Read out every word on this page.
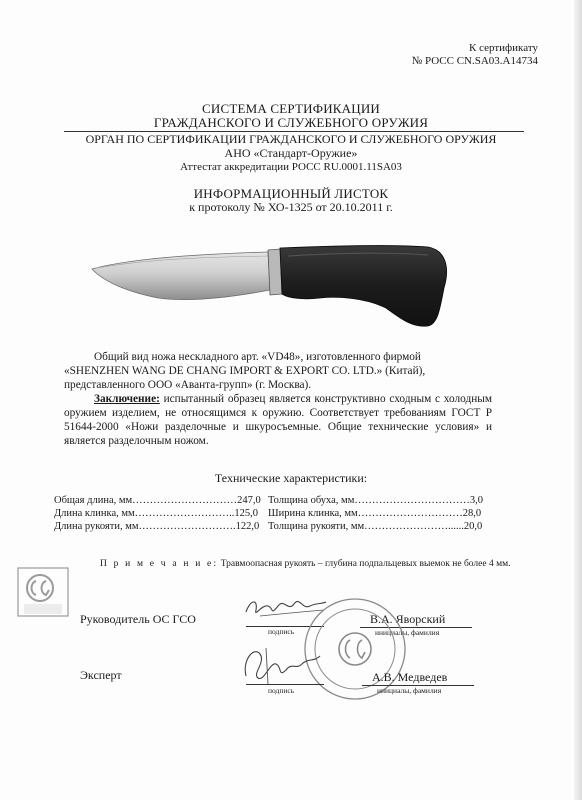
К сертификату
№ РОСС CN.SA03.A14734
СИСТЕМА СЕРТИФИКАЦИИ
ГРАЖДАНСКОГО И СЛУЖЕБНОГО ОРУЖИЯ
ОРГАН ПО СЕРТИФИКАЦИИ ГРАЖДАНСКОГО И СЛУЖЕБНОГО ОРУЖИЯ
АНО «Стандарт-Оружие»
Аттестат аккредитации РОСС RU.0001.11SA03
ИНФОРМАЦИОННЫЙ ЛИСТОК
к протоколу № ХО-1325 от 20.10.2011 г.
Общий вид ножа нескладного арт. «VD48», изготовленного фирмой
«SHENZHEN WANG DE CHANG IMPORT & EXPORT CO. LTD.» (Китай),
представленного ООО «Аванта-групп» (г. Москва).
Заключение: испытанный образец является конструктивно сходным с холодным оружием изделием, не относящимся к оружию. Соответствует требованиям ГОСТ Р 51644-2000 «Ножи разделочные и шкуросъемные. Общие технические условия» и является разделочным ножом.
Технические характеристики:
Общая длина, мм…………………………247,0
Длина клинка, мм………………………..125,0
Длина рукояти, мм……………………….122,0
Толщина обуха, мм……………………………3,0
Ширина клинка, мм…………………………28,0
Толщина рукояти, мм……………………......20,0
П р и м е ч а н и е: Травмоопасная рукоять – глубина подпальцевых выемок не более 4 мм.
Руководитель ОС ГСО
подпись
В.А. Яворский
инициалы, фамилия
Эксперт
подпись
А.В. Медведев
инициалы, фамилия
